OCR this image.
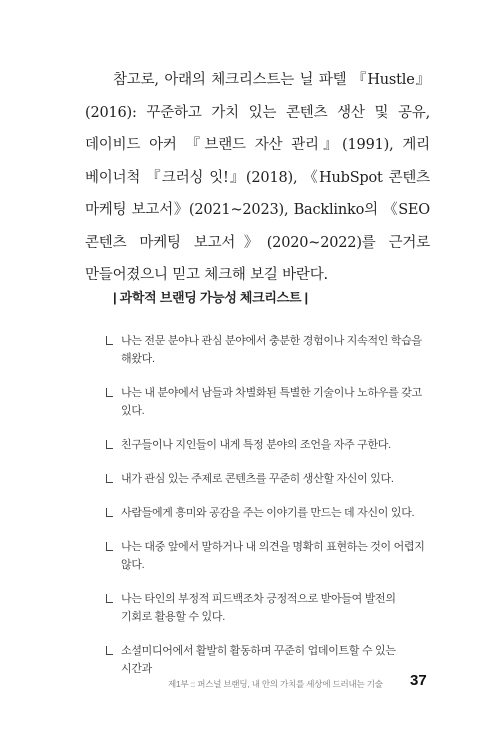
참고로, 아래의 체크리스트는 닐 파텔 『Hustle』(2016): 꾸준하고 가치 있는 콘텐츠 생산 및 공유, 데이비드 아커 『브랜드 자산 관리』(1991), 게리 베이너척 『크러싱 잇!』(2018), 《HubSpot 콘텐츠 마케팅 보고서》(2021~2023), Backlinko의 《SEO 콘텐츠 마케팅 보고서》(2020~2022)를 근거로 만들어졌으니 믿고 체크해 보길 바란다.

| 과학적 브랜딩 가능성 체크리스트 |

나는 전문 분야나 관심 분야에서 충분한 경험이나 지속적인 학습을 해왔다.
나는 내 분야에서 남들과 차별화된 특별한 기술이나 노하우를 갖고 있다.
친구들이나 지인들이 내게 특정 분야의 조언을 자주 구한다.
내가 관심 있는 주제로 콘텐츠를 꾸준히 생산할 자신이 있다.
사람들에게 흥미와 공감을 주는 이야기를 만드는 데 자신이 있다.
나는 대중 앞에서 말하거나 내 의견을 명확히 표현하는 것이 어렵지 않다.
나는 타인의 부정적 피드백조차 긍정적으로 받아들여 발전의 기회로 활용할 수 있다.
소셜미디어에서 활발히 활동하며 꾸준히 업데이트할 수 있는 시간과

제1부 :: 퍼스널 브랜딩, 내 안의 가치를 세상에 드러내는 기술 37
